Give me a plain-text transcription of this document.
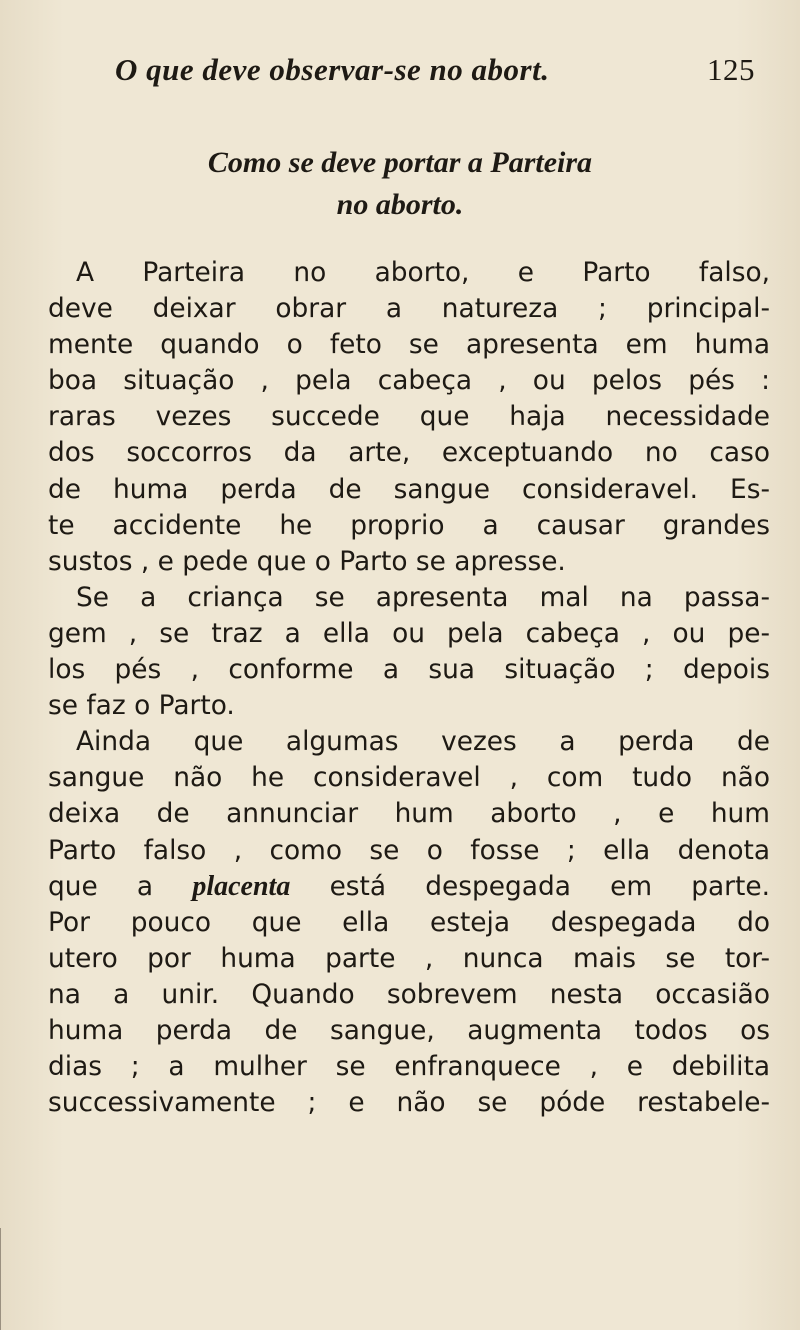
O que deve observar-se no abort.	125
Como se deve portar a Parteira
no aborto.
A Parteira no aborto, e Parto falso,
deve deixar obrar a natureza ; principal-
mente quando o feto se apresenta em huma
boa situação , pela cabeça , ou pelos pés :
raras vezes succede que haja necessidade
dos soccorros da arte, exceptuando no caso
de huma perda de sangue consideravel. Es-
te accidente he proprio a causar grandes
sustos , e pede que o Parto se apresse.
Se a criança se apresenta mal na passa-
gem , se traz a ella ou pela cabeça , ou pe-
los pés , conforme a sua situação ; depois
se faz o Parto.
Ainda que algumas vezes a perda de
sangue não he consideravel , com tudo não
deixa de annunciar hum aborto , e hum
Parto falso , como se o fosse ; ella denota
que a placenta está despegada em parte.
Por pouco que ella esteja despegada do
utero por huma parte , nunca mais se tor-
na a unir. Quando sobrevem nesta occasião
huma perda de sangue, augmenta todos os
dias ; a mulher se enfranquece , e debilita
successivamente ; e não se póde restabele-
